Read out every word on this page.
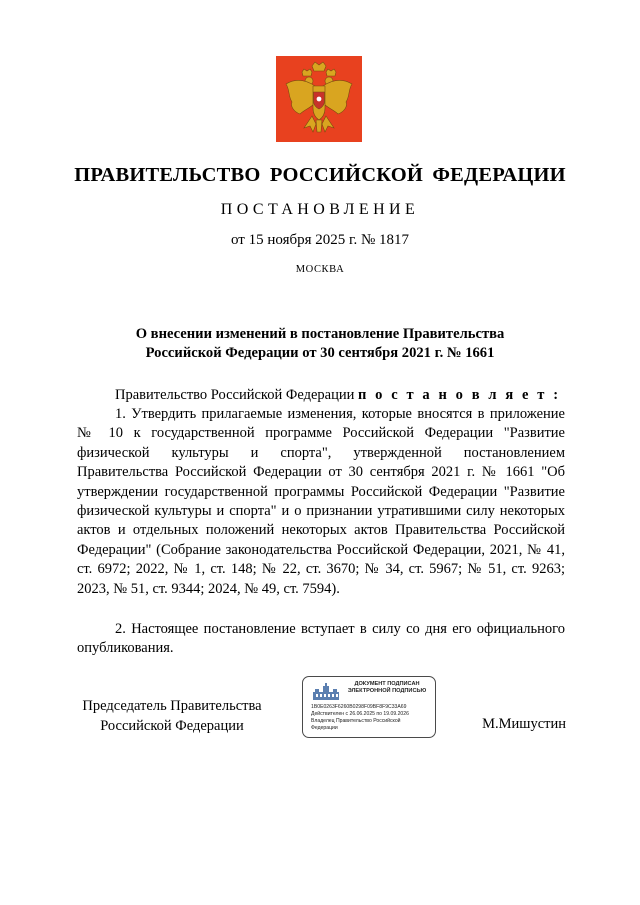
ПРАВИТЕЛЬСТВО РОССИЙСКОЙ ФЕДЕРАЦИИ
ПОСТАНОВЛЕНИЕ
от 15 ноября 2025 г. № 1817
МОСКВА
О внесении изменений в постановление Правительства
Российской Федерации от 30 сентября 2021 г. № 1661
Правительство Российской Федерации п о с т а н о в л я е т :
1. Утвердить прилагаемые изменения, которые вносятся в приложение № 10 к государственной программе Российской Федерации "Развитие физической культуры и спорта", утвержденной постановлением Правительства Российской Федерации от 30 сентября 2021 г. № 1661 "Об утверждении государственной программы Российской Федерации "Развитие физической культуры и спорта" и о признании утратившими силу некоторых актов и отдельных положений некоторых актов Правительства Российской Федерации" (Собрание законодательства Российской Федерации, 2021, № 41, ст. 6972; 2022, № 1, ст. 148; № 22, ст. 3670; № 34, ст. 5967; № 51, ст. 9263; 2023, № 51, ст. 9344; 2024, № 49, ст. 7594).
2. Настоящее постановление вступает в силу со дня его официального опубликования.
Председатель Правительства
Российской Федерации
ДОКУМЕНТ ПОДПИСАН
ЭЛЕКТРОННОЙ ПОДПИСЬЮ
1B0E0263F6260B0298F09BF8F9C33A69
Действителен с 26.06.2025 по 19.09.2026
Владелец Правительство Российской
Федерации	М.Мишустин
